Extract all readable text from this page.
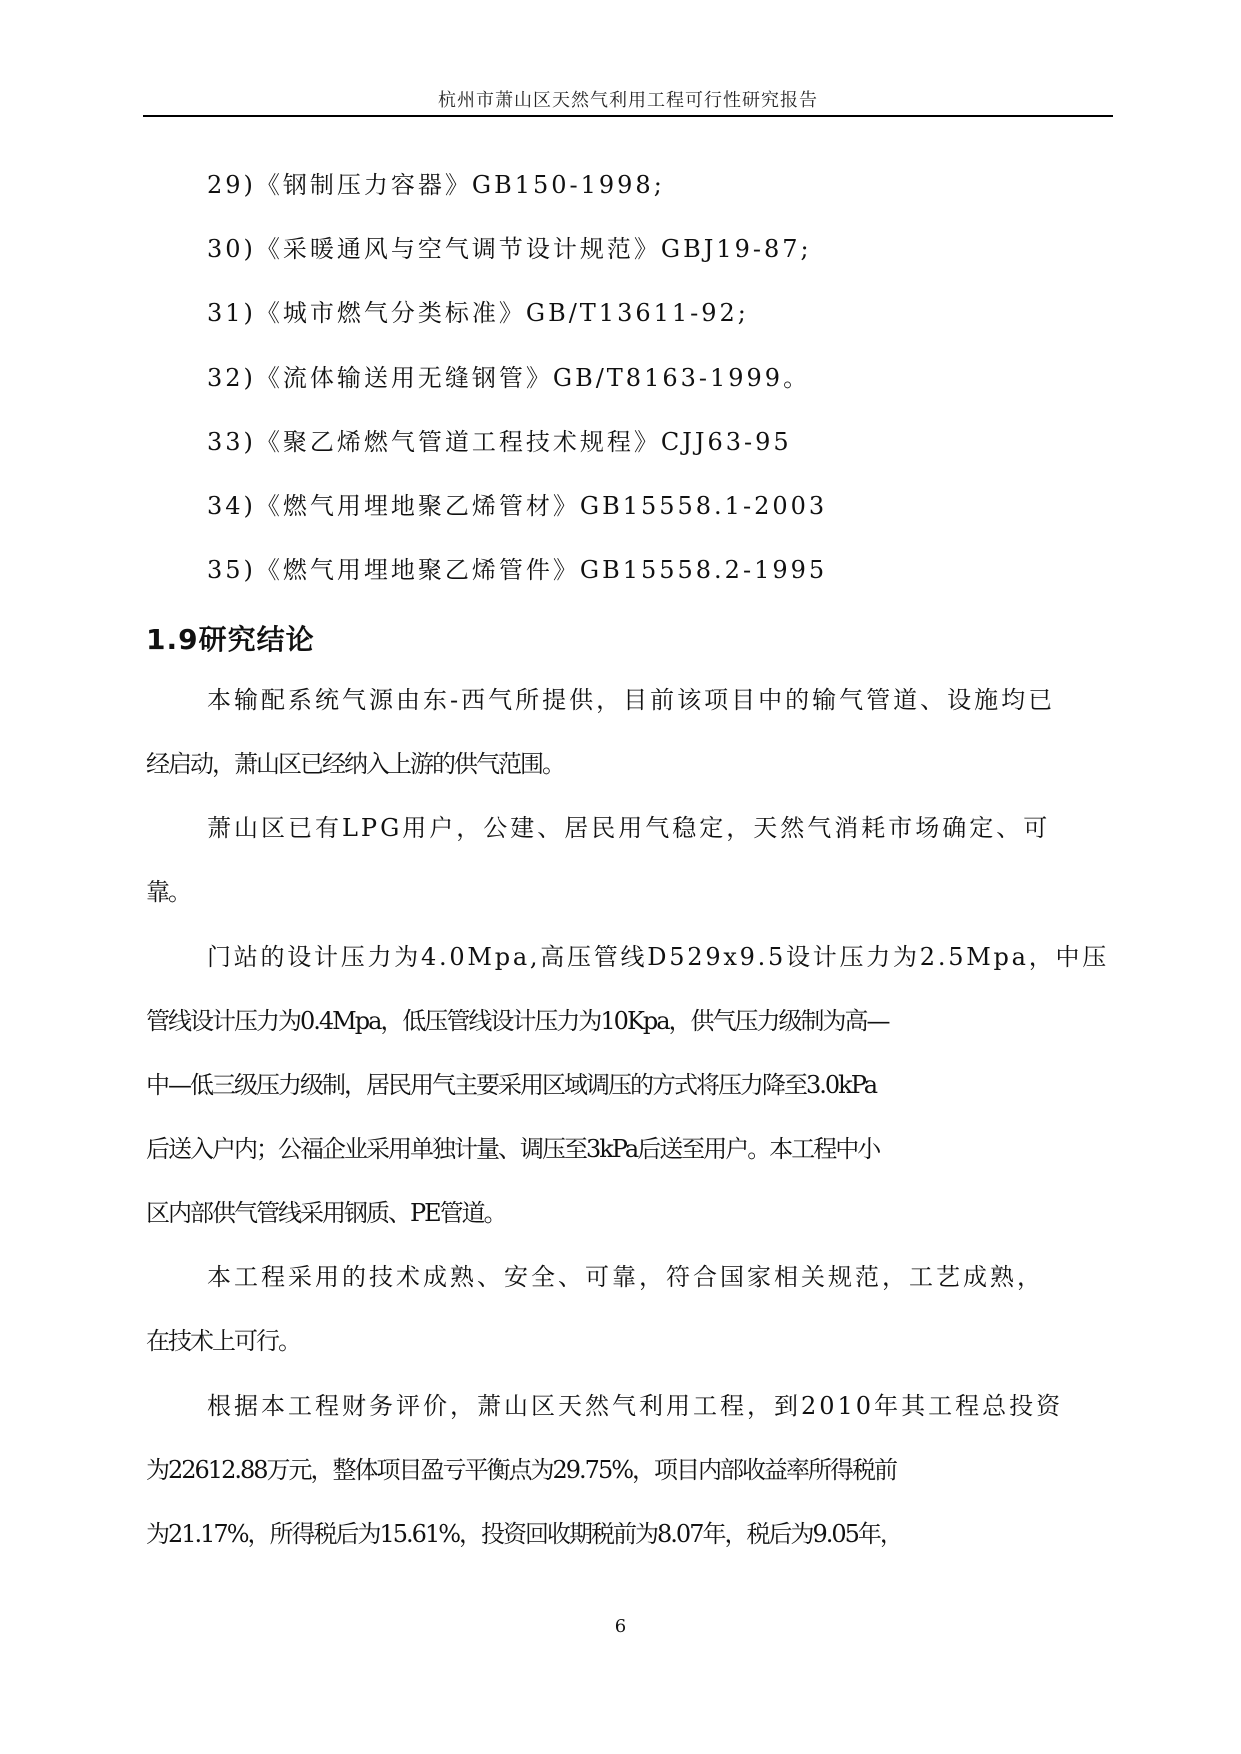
杭州市萧山区天然气利用工程可行性研究报告
29)《钢制压力容器》GB150-1998;
30)《采暖通风与空气调节设计规范》GBJ19-87;
31)《城市燃气分类标准》GB/T13611-92;
32)《流体输送用无缝钢管》GB/T8163-1999。
33)《聚乙烯燃气管道工程技术规程》CJJ63-95
34)《燃气用埋地聚乙烯管材》GB15558.1-2003
35)《燃气用埋地聚乙烯管件》GB15558.2-1995
1.9研究结论
本输配系统气源由东-西气所提供，目前该项目中的输气管道、设施均已
经启动，萧山区已经纳入上游的供气范围。
萧山区已有LPG用户，公建、居民用气稳定，天然气消耗市场确定、可
靠。
门站的设计压力为4.0Mpa,高压管线D529x9.5设计压力为2.5Mpa，中压
管线设计压力为0.4Mpa，低压管线设计压力为10Kpa，供气压力级制为高—
中—低三级压力级制，居民用气主要采用区域调压的方式将压力降至3.0kPa
后送入户内；公福企业采用单独计量、调压至3kPa后送至用户。本工程中小
区内部供气管线采用钢质、PE管道。
本工程采用的技术成熟、安全、可靠，符合国家相关规范，工艺成熟，
在技术上可行。
根据本工程财务评价，萧山区天然气利用工程，到2010年其工程总投资
为22612.88万元，整体项目盈亏平衡点为29.75%，项目内部收益率所得税前
为21.17%，所得税后为15.61%，投资回收期税前为8.07年，税后为9.05年，
6
